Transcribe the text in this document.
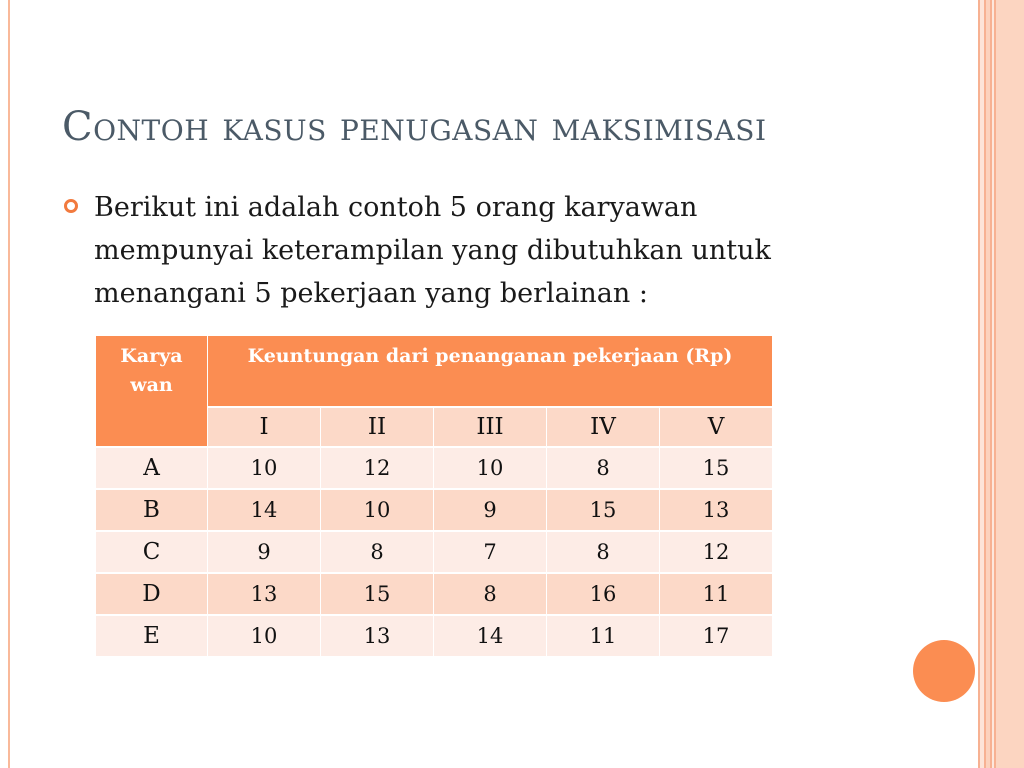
Contoh kasus penugasan maksimisasi
Berikut ini adalah contoh 5 orang karyawan mempunyai keterampilan yang dibutuhkan untuk menangani 5 pekerjaan yang berlainan :
Karya wan	Keuntungan dari penanganan pekerjaan (Rp)				
	I	II	III	IV	V
A	10	12	10	8	15
B	14	10	9	15	13
C	9	8	7	8	12
D	13	15	8	16	11
E	10	13	14	11	17
